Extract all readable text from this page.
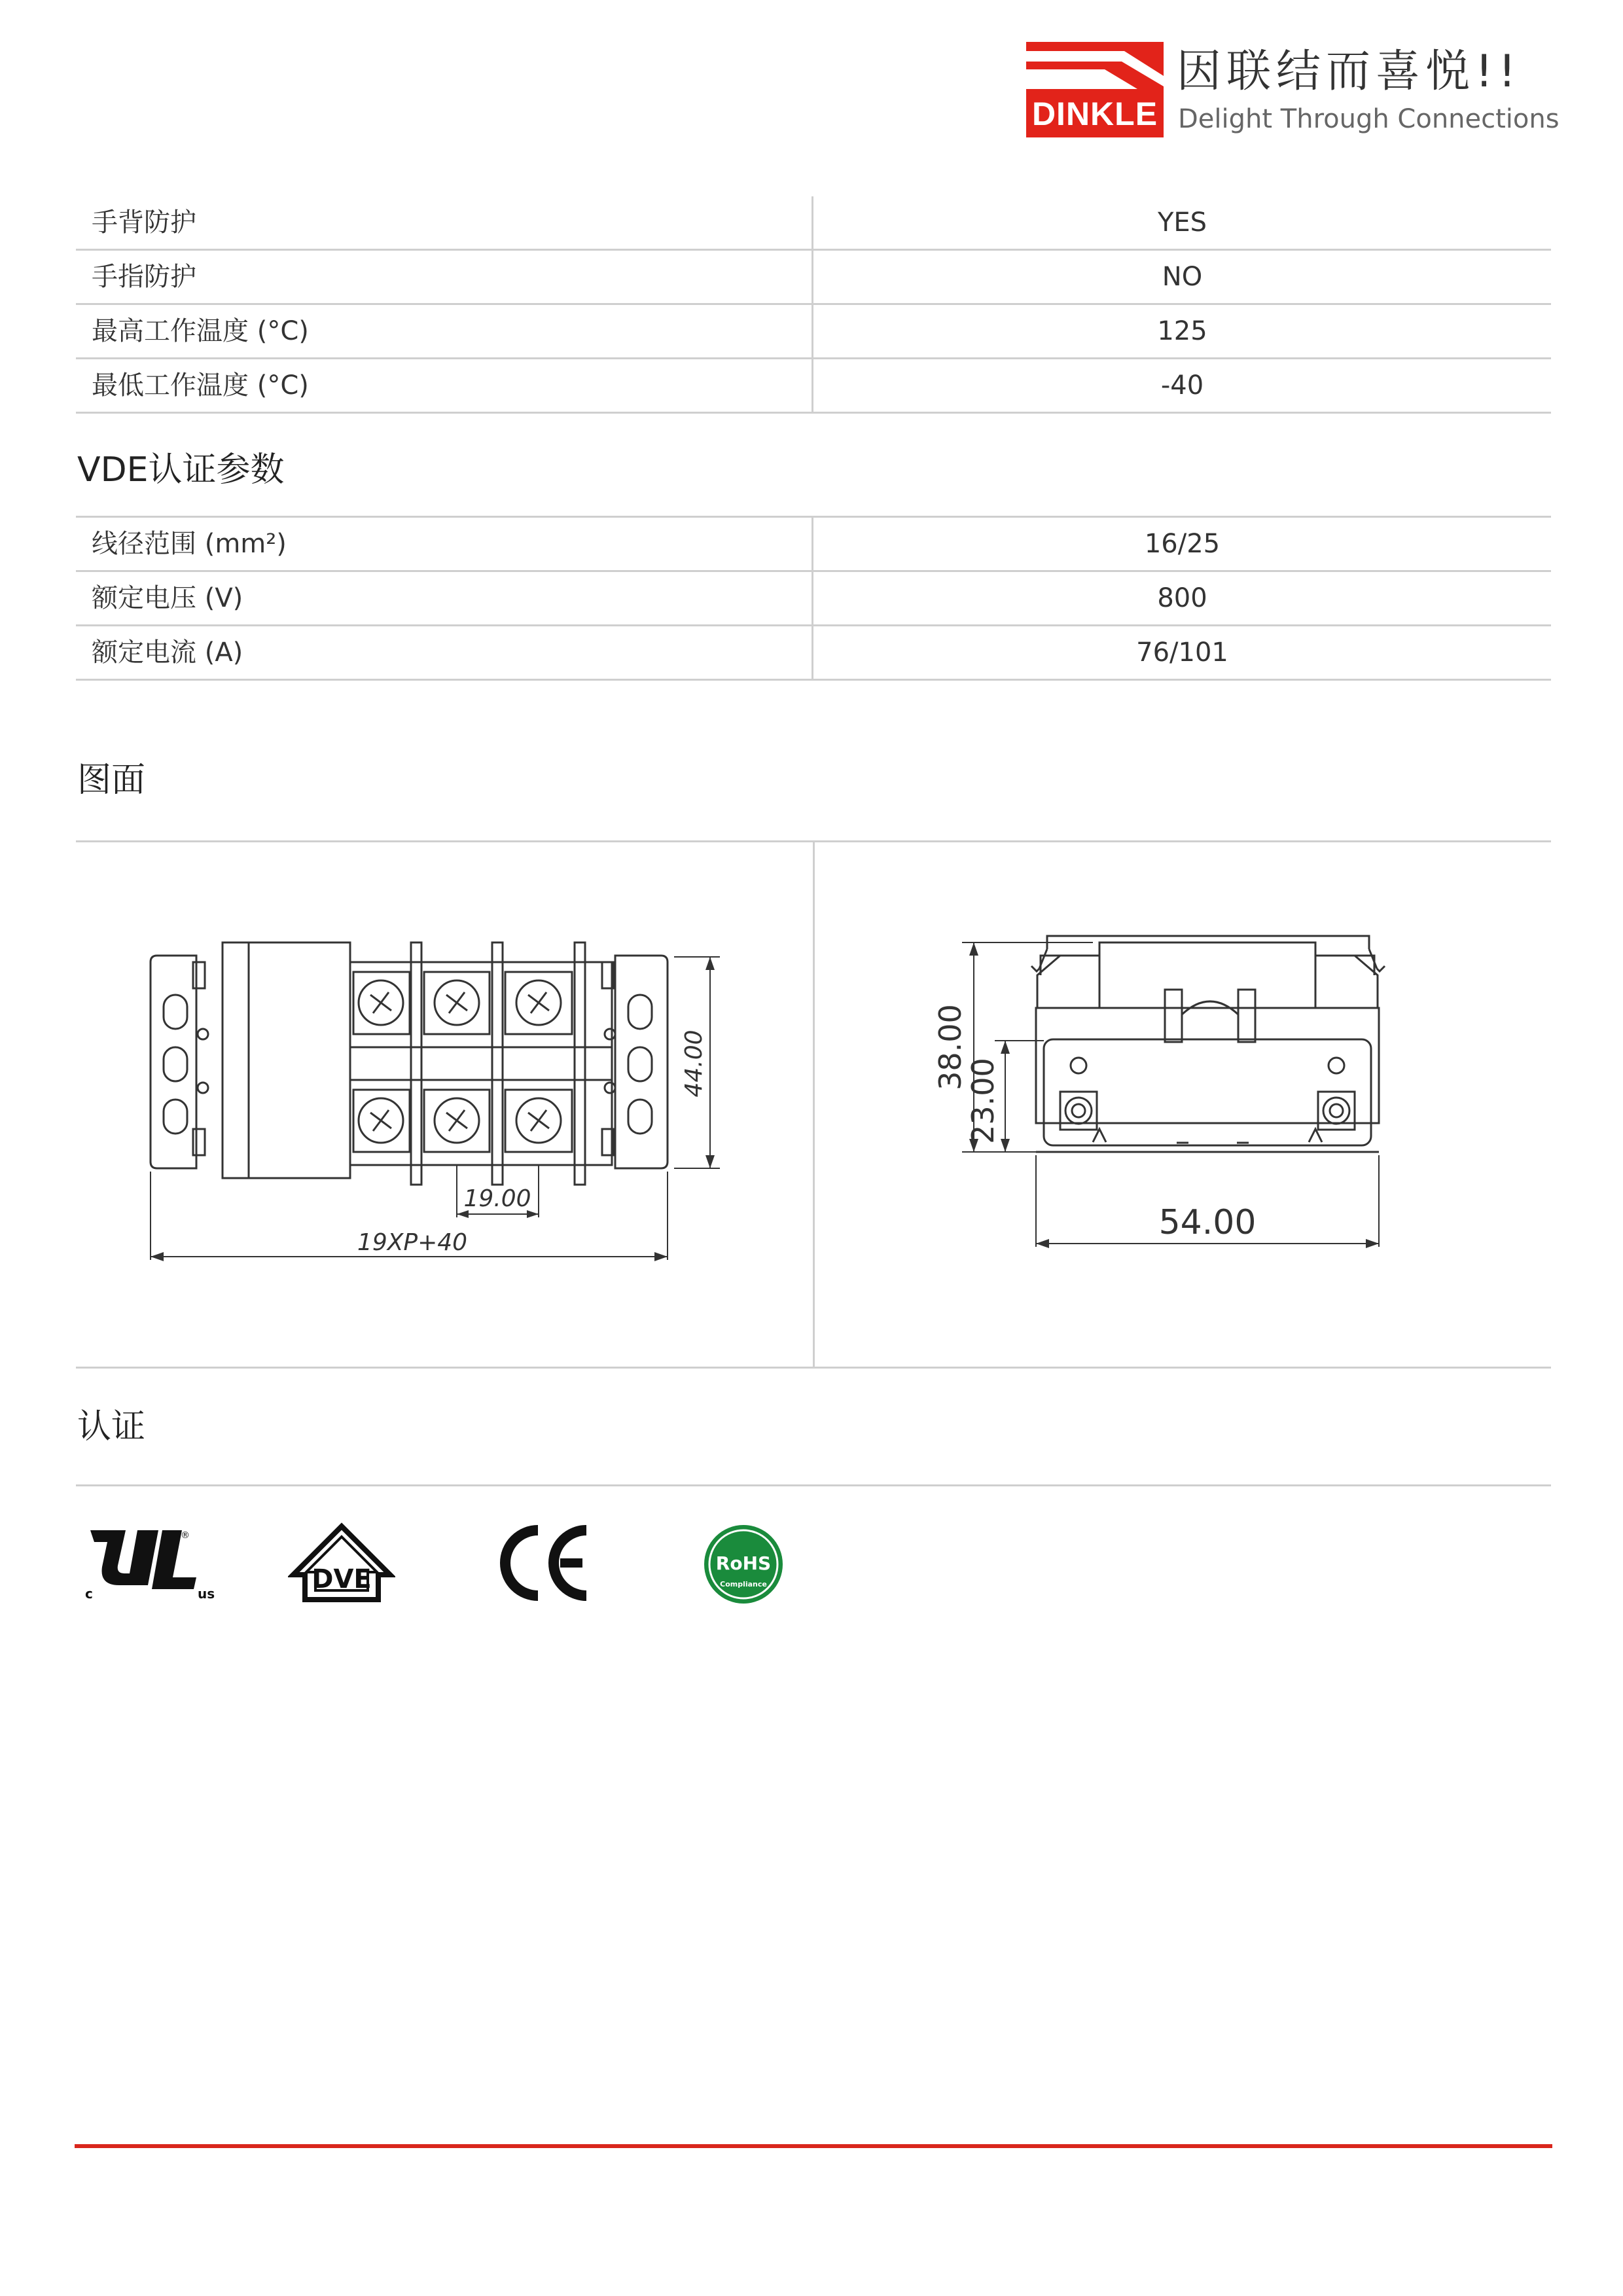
DINKLE
因联结而喜悦!!
Delight Through Connections
手背防护	YES
手指防护	NO
最高工作温度 (°C)	125
最低工作温度 (°C)	-40
VDE认证参数
线径范围 (mm²)	16/25
额定电压 (V)	800
额定电流 (A)	76/101
图面
44.00
19.00
19XP+40
38.00
23.00
54.00
认证
c	us
®
DVE
RoHS
Compliance
